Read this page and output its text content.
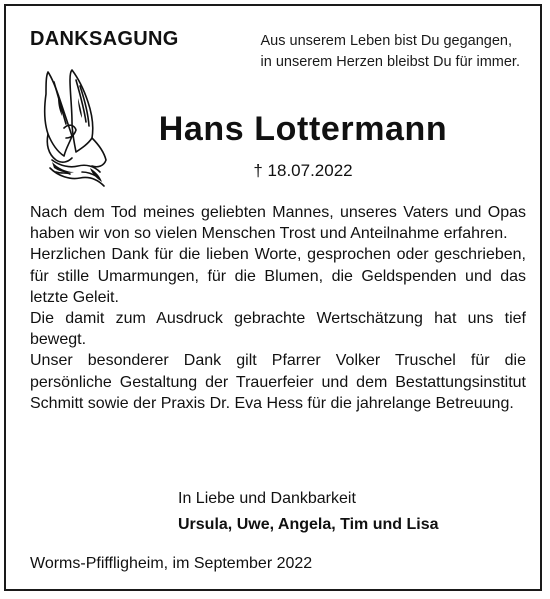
DANKSAGUNG	Aus unserem Leben bist Du gegangen,
in unserem Herzen bleibst Du für immer.
Hans Lottermann
† 18.07.2022

Nach dem Tod meines geliebten Mannes, unseres Vaters und Opas haben wir von so vielen Menschen Trost und Anteilnahme erfahren.

Herzlichen Dank für die lieben Worte, gesprochen oder geschrieben, für stille Umarmungen, für die Blumen, die Geldspenden und das letzte Geleit.

Die damit zum Ausdruck gebrachte Wertschätzung hat uns tief bewegt.

Unser besonderer Dank gilt Pfarrer Volker Truschel für die persönliche Gestaltung der Trauerfeier und dem Bestattungsinstitut Schmitt sowie der Praxis Dr. Eva Hess für die jahrelange Betreuung.

In Liebe und Dankbarkeit
Ursula, Uwe, Angela, Tim und Lisa
Worms-Pfiffligheim, im September 2022
